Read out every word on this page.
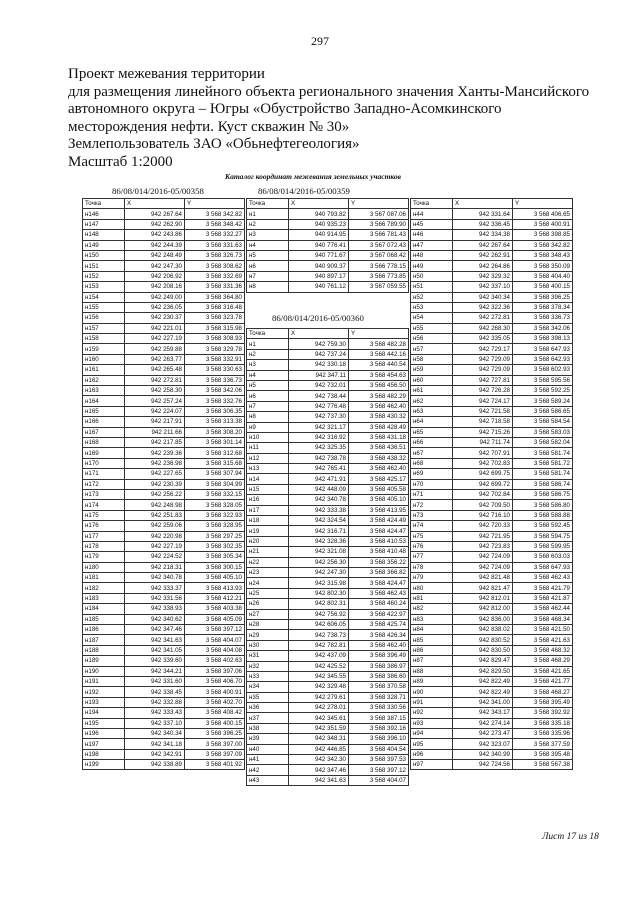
297
Проект межевания территории
для размещения линейного объекта регионального значения Ханты-Мансийского
автономного округа – Югры «Обустройство Западно-Асомкинского
месторождения нефти. Куст скважин № 30»
Землепользователь ЗАО «Обьнефтегеология»
Масштаб 1:2000
Каталог координат межевания земельных участков
86/08/014/2016-05/00358	86/08/014/2016-05/00359
86/08/014/2016-05/00360
Точка	X	Y
н146	942 267.64	3 568 342.82
н147	942 262.90	3 568 348.42
н148	942 243.86	3 568 332.27
н149	942 244.39	3 568 331.63
н150	942 248.49	3 568 326.73
н151	942 247.30	3 568 308.62
н152	942 206.92	3 568 332.69
н153	942 208.16	3 568 331.36
н154	942 249.00	3 568 364.80
н155	942 236.05	3 568 316.48
н156	942 230.37	3 568 323.78
н157	942 221.01	3 568 315.98
н158	942 227.19	3 568 308.93
н159	942 259.88	3 568 329.78
н160	942 263.77	3 568 332.91
н161	942 265.48	3 568 330.63
н162	942 272.81	3 568 336.73
н163	942 258.30	3 568 342.06
н164	942 257.24	3 568 332.76
н165	942 224.07	3 568 306.35
н166	942 217.91	3 568 313.38
н167	942 211.66	3 568 308.20
н168	942 217.85	3 568 301.14
н169	942 239.36	3 568 312.68
н170	942 236.98	3 568 315.68
н171	942 227.65	3 568 307.94
н172	942 230.39	3 568 304.99
н173	942 256.22	3 568 332.15
н174	942 248.98	3 568 328.05
н175	942 251.83	3 568 322.93
н176	942 259.06	3 568 328.95
н177	942 220.98	3 568 297.25
н178	942 227.19	3 568 302.35
н179	942 224.52	3 568 305.34
н180	942 218.31	3 568 300.15
н181	942 340.78	3 568 405.10
н182	942 333.37	3 568 413.93
н183	942 331.56	3 568 412.21
н184	942 338.93	3 568 403.38
н185	942 340.62	3 568 405.09
н186	942 347.46	3 568 397.12
н187	942 341.63	3 568 404.07
н188	942 341.05	3 568 404.08
н189	942 339.60	3 568 402.63
н190	942 344.21	3 568 397.06
н191	942 331.60	3 568 406.70
н192	942 338.45	3 568 400.91
н193	942 332.88	3 568 402.70
н194	942 333.43	3 568 408.42
н195	942 337.10	3 568 400.15
н196	942 340.34	3 568 396.25
н197	942 341.18	3 568 397.00
н198	942 342.91	3 568 397.09
н199	942 338.89	3 568 401.92
Точка	X	Y
н1	940 793.82	3 567 087.06
н2	940 935.23	3 566 789.90
н3	940 914.95	3 566 781.43
н4	940 776.41	3 567 072.43
н5	940 771.67	3 567 068.42
н6	940 909.37	3 566 778.15
н7	940 897.17	3 566 773.85
н8	940 761.12	3 567 059.55
Точка	X	Y
н1	942 759.30	3 568 482.28
н2	942 737.24	3 568 442.16
н3	942 330.18	3 568 440.54
н4	942 347.11	3 568 454.63
н5	942 732.01	3 568 456.50
н6	942 738.44	3 568 482.29
н7	942 776.48	3 568 462.40
н8	942 737.30	3 568 430.32
н9	942 321.17	3 568 428.49
н10	942 316.92	3 568 431.18
н11	942 325.35	3 568 436.51
н12	942 738.78	3 568 438.32
н13	942 765.41	3 568 462.40
н14	942 471.91	3 568 425.17
н15	942 448.09	3 568 405.58
н16	942 340.78	3 568 405.10
н17	942 333.38	3 568 413.95
н18	942 324.54	3 568 424.49
н19	942 316.71	3 568 424.47
н20	942 328.36	3 568 410.53
н21	942 321.08	3 568 410.48
н22	942 256.30	3 568 356.22
н23	942 247.30	3 568 366.82
н24	942 315.98	3 568 424.47
н25	942 802.30	3 568 462.43
н26	942 802.31	3 568 460.24
н27	942 756.92	3 568 422.97
н28	942 606.05	3 568 425.74
н29	942 738.73	3 568 426.34
н30	942 782.81	3 568 462.40
н31	942 437.09	3 568 396.49
н32	942 425.52	3 568 386.97
н33	942 345.55	3 568 386.60
н34	942 329.48	3 568 370.58
н35	942 279.61	3 568 328.71
н36	942 278.01	3 568 330.56
н37	942 345.61	3 568 387.15
н38	942 351.59	3 568 392.16
н39	942 348.31	3 568 396.10
н40	942 446.85	3 568 404.54
н41	942 342.30	3 568 397.53
н42	942 347.46	3 568 397.12
н43	942 341.63	3 568 404.07
Точка	X	Y
н44	942 331.64	3 568 406.65
н45	942 336.45	3 568 400.91
н46	942 334.38	3 568 398.85
н47	942 267.64	3 568 342.82
н48	942 262.91	3 568 348.43
н49	942 264.86	3 568 350.09
н50	942 329.32	3 568 404.40
н51	942 337.10	3 568 400.15
н52	942 340.34	3 568 396.25
н53	942 322.36	3 568 378.34
н54	942 272.81	3 568 336.73
н55	942 268.30	3 568 342.06
н56	942 335.05	3 568 398.13
н57	942 729.17	3 568 647.93
н58	942 729.09	3 568 642.93
н59	942 729.09	3 568 602.93
н60	942 727.81	3 568 595.56
н61	942 726.28	3 568 592.25
н62	942 724.17	3 568 589.24
н63	942 721.58	3 568 586.65
н64	942 718.58	3 568 584.54
н65	942 715.26	3 568 583.03
н66	942 711.74	3 568 582.04
н67	942 707.91	3 568 581.74
н68	942 702.83	3 568 581.72
н69	942 699.75	3 568 581.74
н70	942 699.72	3 568 586.74
н71	942 702.84	3 568 586.75
н72	942 709.50	3 568 586.80
н73	942 716.10	3 568 588.88
н74	942 720.33	3 568 592.45
н75	942 721.95	3 568 594.75
н76	942 723.83	3 568 599.95
н77	942 724.09	3 568 603.03
н78	942 724.09	3 568 647.93
н79	942 821.48	3 568 462.43
н80	942 821.47	3 568 421.79
н81	942 812.01	3 568 421.87
н82	942 812.00	3 568 462.44
н83	942 836.00	3 568 468.34
н84	942 838.02	3 568 421.50
н85	942 830.52	3 568 421.63
н86	942 830.50	3 568 468.32
н87	942 829.47	3 568 468.29
н88	942 829.50	3 568 421.65
н89	942 822.49	3 568 421.77
н90	942 822.49	3 568 468.27
н91	942 341.00	3 568 395.49
н92	942 343.17	3 568 392.92
н93	942 274.14	3 568 335.18
н94	942 273.47	3 568 335.96
н95	942 323.07	3 568 377.59
н96	942 340.99	3 568 395.48
н97	942 724.56	3 568 567.38
Лист 17 из 18
